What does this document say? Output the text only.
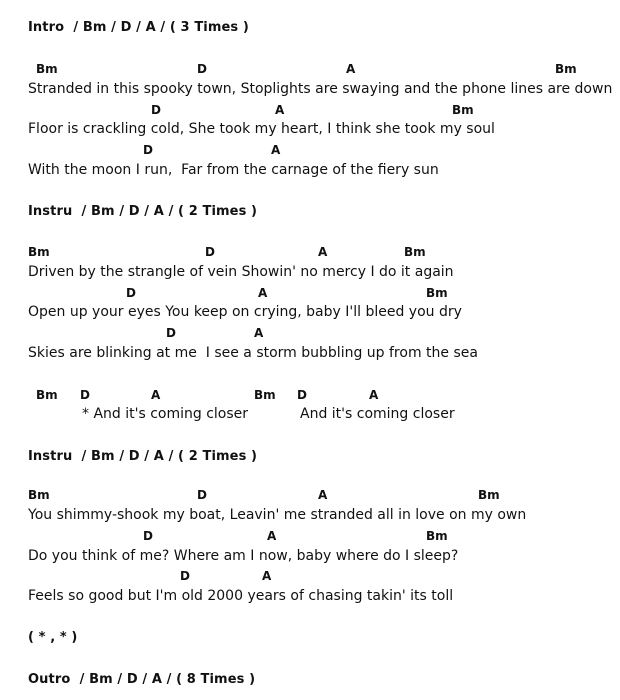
Intro  / Bm / D / A / ( 3 Times )
Bm	D	A	Bm
Stranded in this spooky town, Stoplights are swaying and the phone lines are down
D	A	Bm
Floor is crackling cold, She took my heart, I think she took my soul
D	A
With the moon I run,  Far from the carnage of the fiery sun
Instru  / Bm / D / A / ( 2 Times )
Bm	D	A	Bm
Driven by the strangle of vein Showin' no mercy I do it again
D	A	Bm
Open up your eyes You keep on crying, baby I'll bleed you dry
D	A
Skies are blinking at me  I see a storm bubbling up from the sea
Bm D	A	Bm D	A
* And it's coming closer	And it's coming closer
Instru  / Bm / D / A / ( 2 Times )
Bm	D	A	Bm
You shimmy-shook my boat, Leavin' me stranded all in love on my own
D	A	Bm
Do you think of me? Where am I now, baby where do I sleep?
D	A
Feels so good but I'm old 2000 years of chasing takin' its toll
( * , * )
Outro  / Bm / D / A / ( 8 Times )
